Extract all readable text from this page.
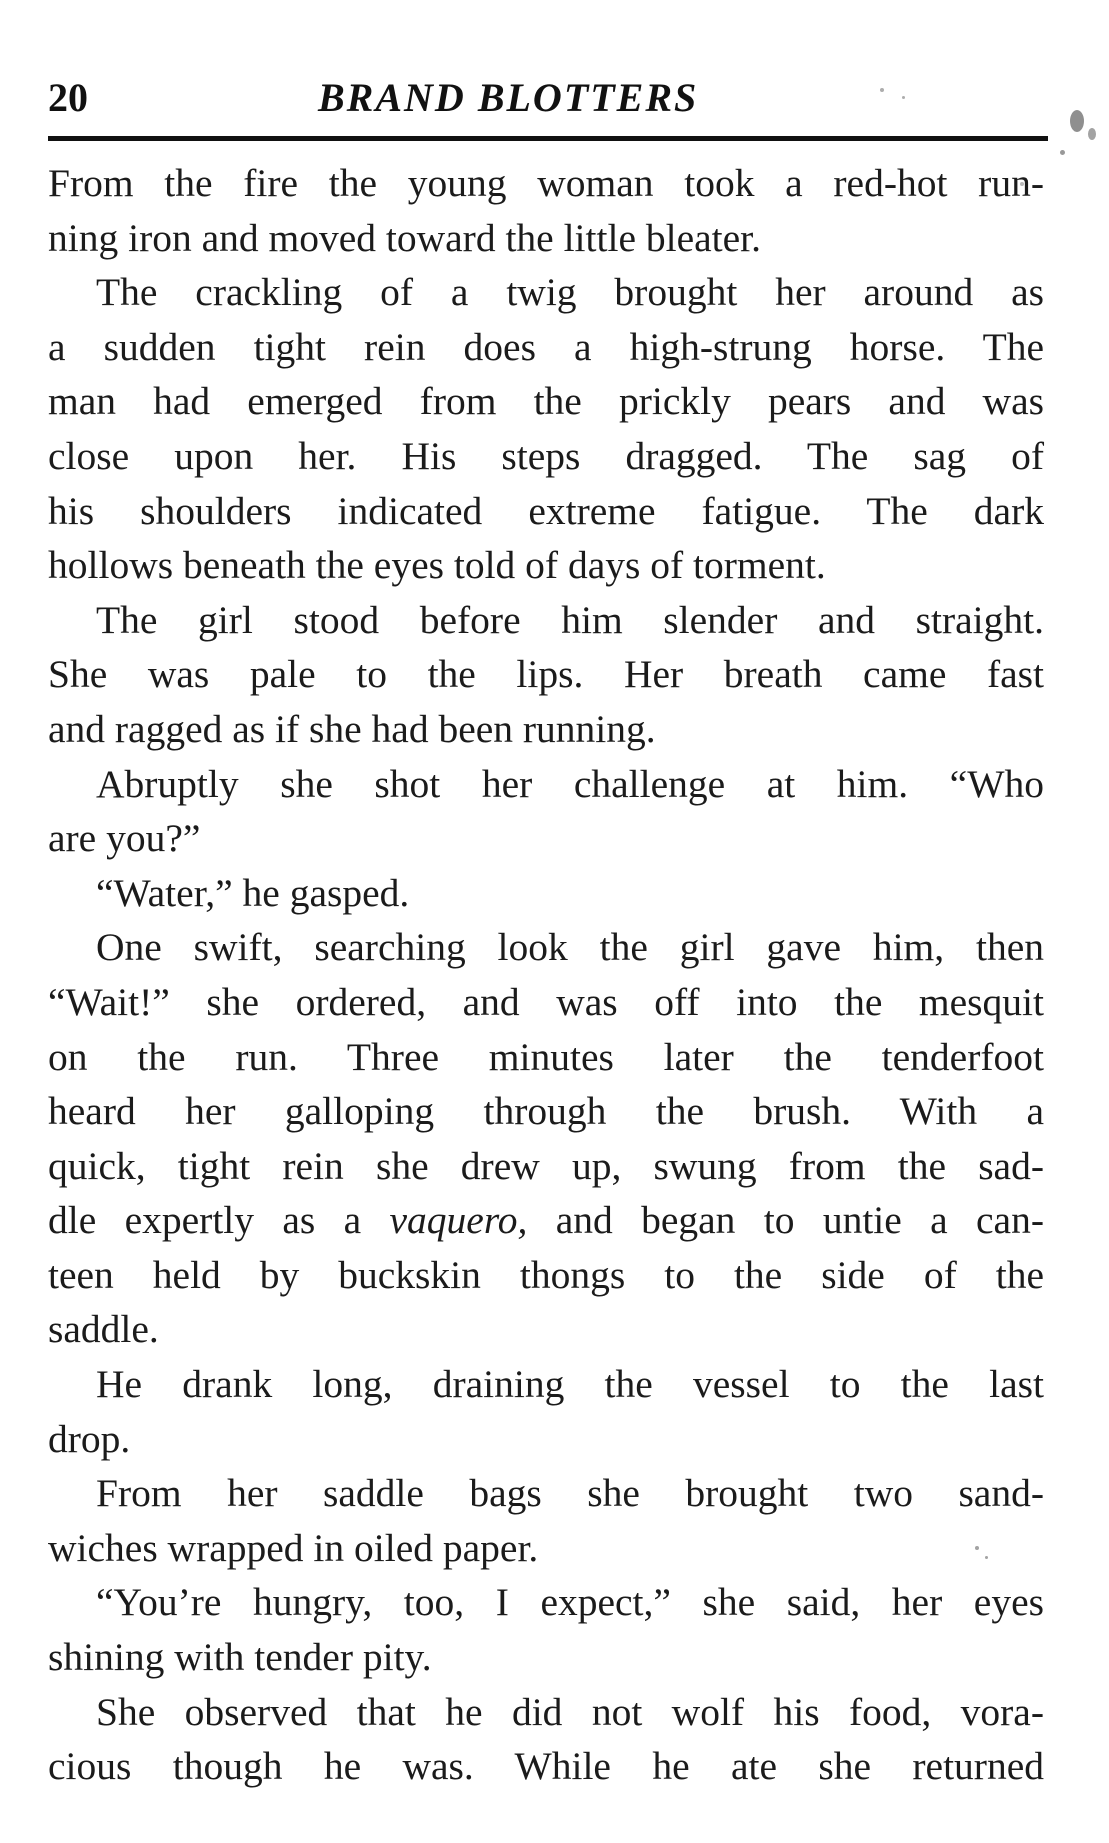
20	BRAND BLOTTERS
From the fire the young woman took a red-hot run-
ning iron and moved toward the little bleater.
The crackling of a twig brought her around as
a sudden tight rein does a high-strung horse. The
man had emerged from the prickly pears and was
close upon her. His steps dragged. The sag of
his shoulders indicated extreme fatigue. The dark
hollows beneath the eyes told of days of torment.
The girl stood before him slender and straight.
She was pale to the lips. Her breath came fast
and ragged as if she had been running.
Abruptly she shot her challenge at him. “Who
are you?”
“Water,” he gasped.
One swift, searching look the girl gave him, then
“Wait!” she ordered, and was off into the mesquit
on the run. Three minutes later the tenderfoot
heard her galloping through the brush. With a
quick, tight rein she drew up, swung from the sad-
dle expertly as a vaquero, and began to untie a can-
teen held by buckskin thongs to the side of the
saddle.
He drank long, draining the vessel to the last
drop.
From her saddle bags she brought two sand-
wiches wrapped in oiled paper.
“You’re hungry, too, I expect,” she said, her eyes
shining with tender pity.
She observed that he did not wolf his food, vora-
cious though he was. While he ate she returned
